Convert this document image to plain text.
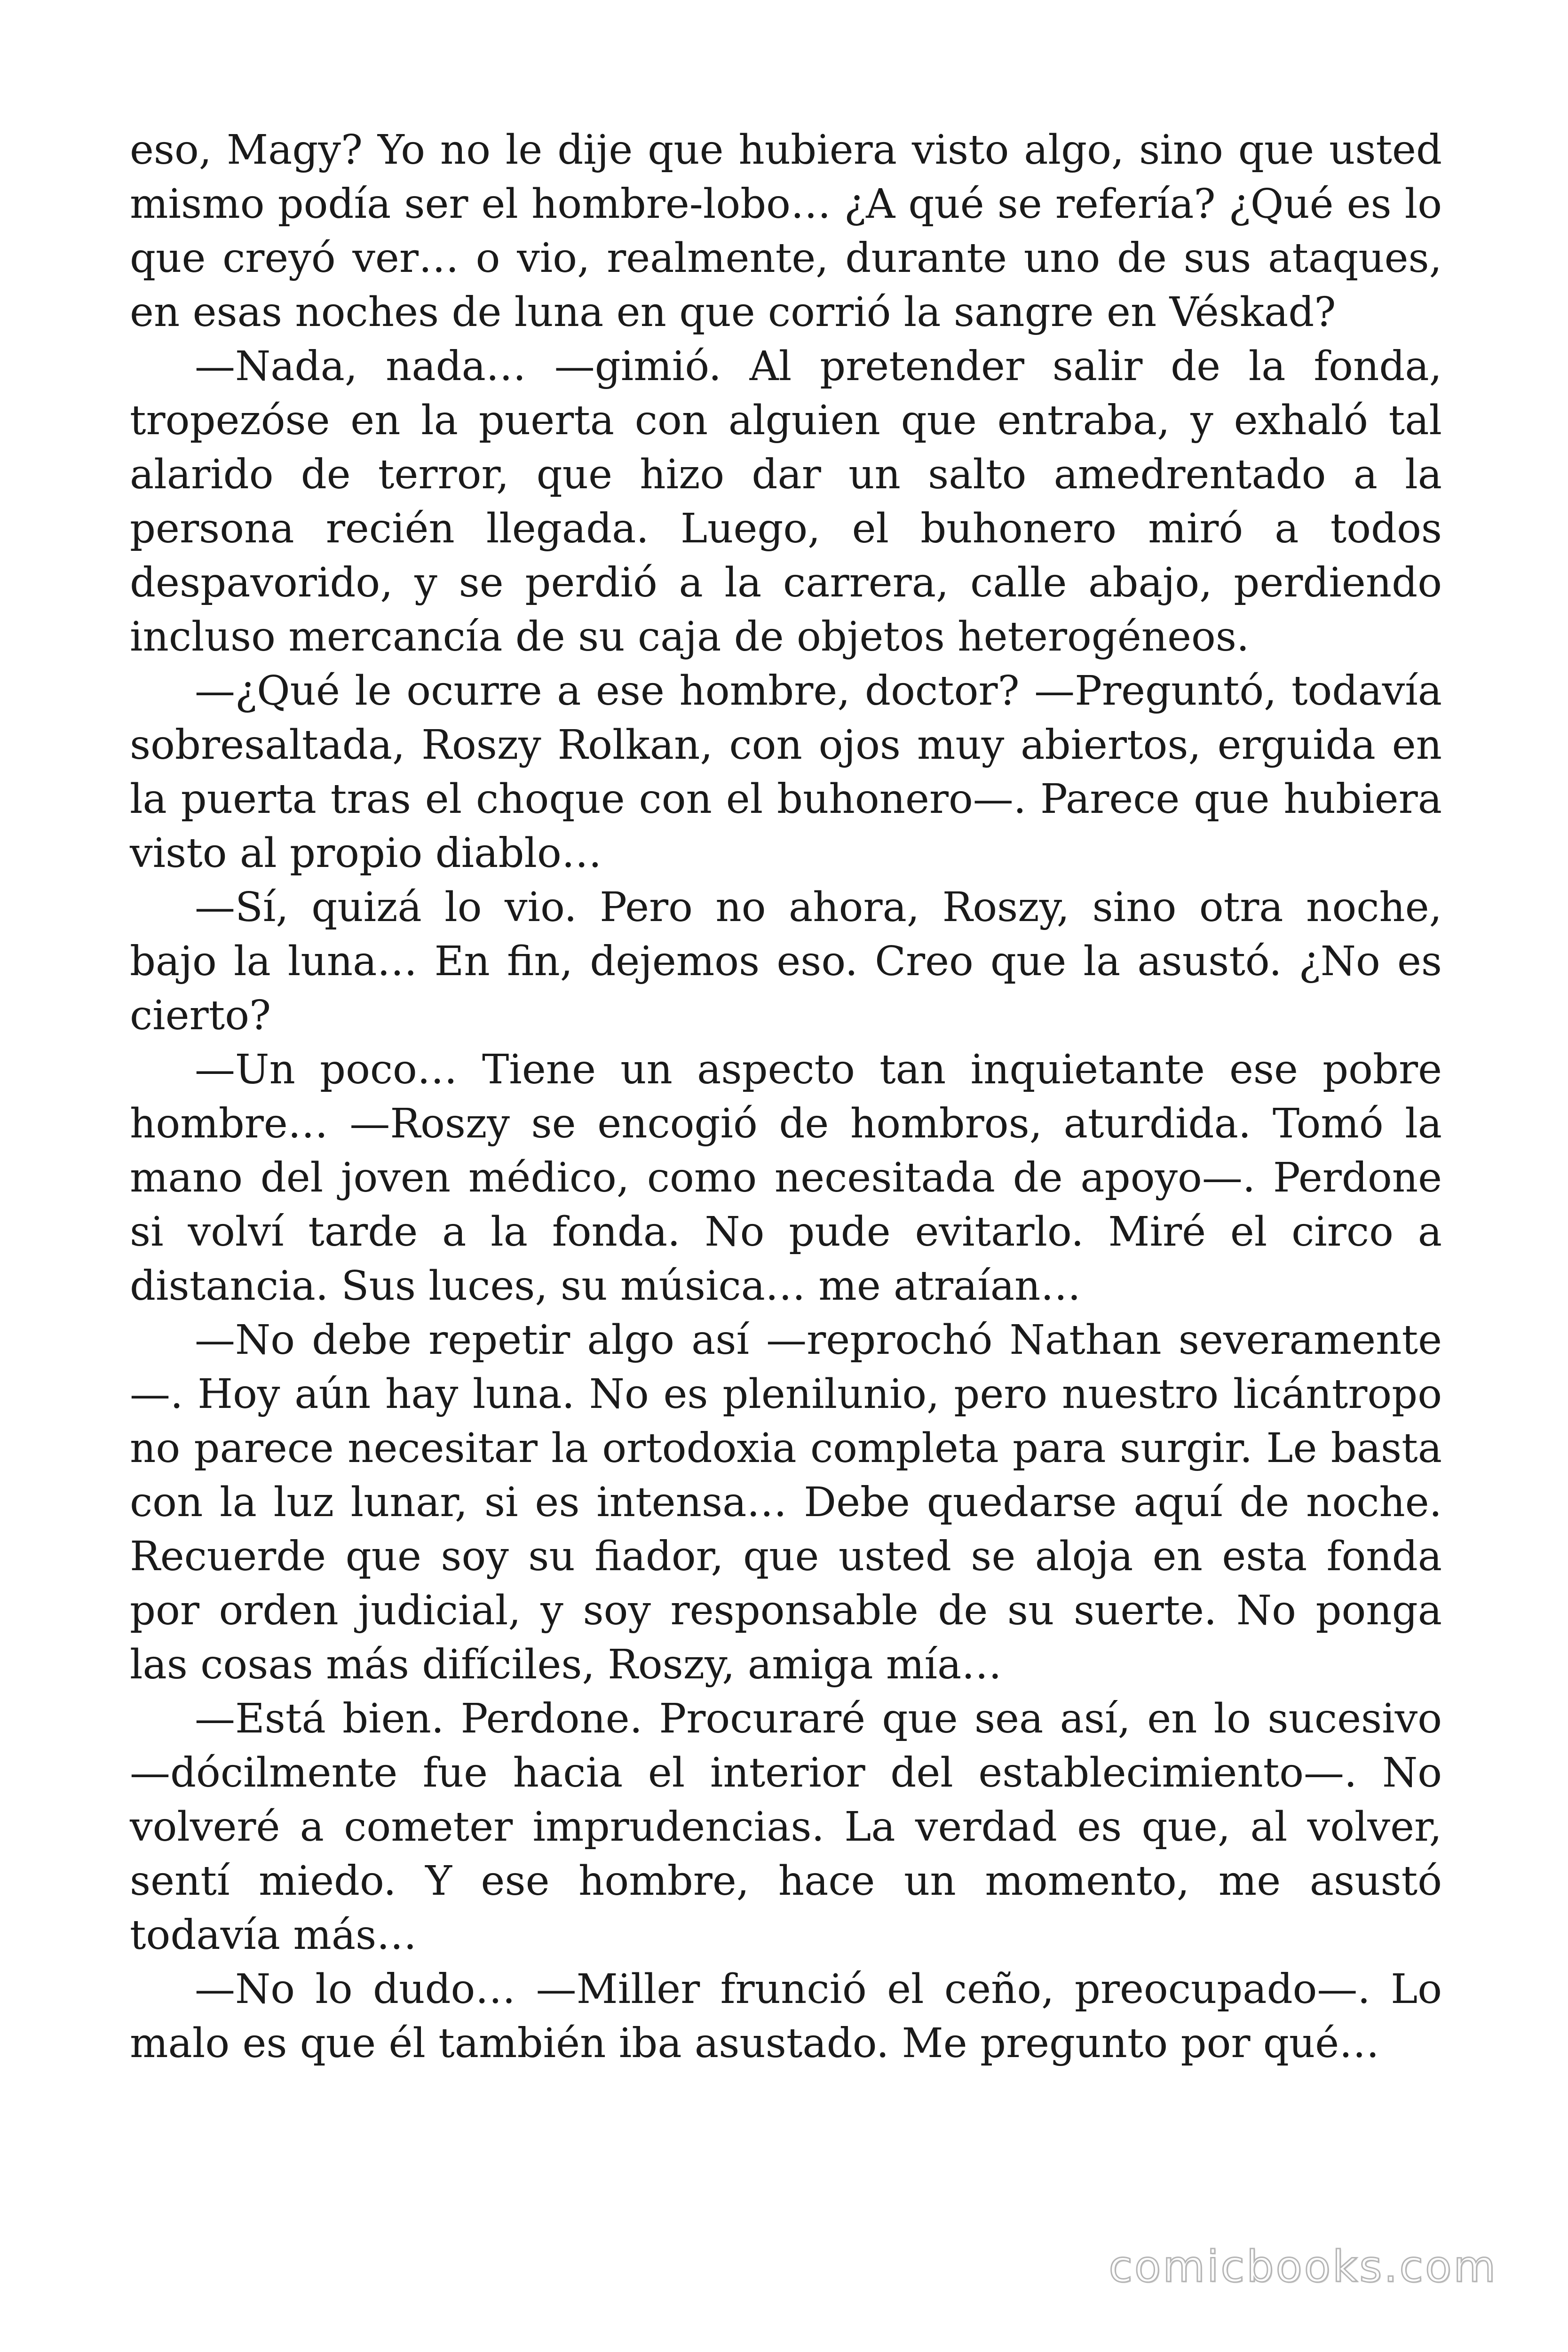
eso, Magy? Yo no le dije que hubiera visto algo, sino que usted mismo podía ser el hombre-lobo… ¿A qué se refería? ¿Qué es lo que creyó ver… o vio, realmente, durante uno de sus ataques, en esas noches de luna en que corrió la sangre en Véskad?

—Nada, nada… —gimió. Al pretender salir de la fonda, tropezóse en la puerta con alguien que entraba, y exhaló tal alarido de terror, que hizo dar un salto amedrentado a la persona recién llegada. Luego, el buhonero miró a todos despavorido, y se perdió a la carrera, calle abajo, perdiendo incluso mercancía de su caja de objetos heterogéneos.

—¿Qué le ocurre a ese hombre, doctor? —Preguntó, todavía sobresaltada, Roszy Rolkan, con ojos muy abiertos, erguida en la puerta tras el choque con el buhonero—. Parece que hubiera visto al propio diablo…

—Sí, quizá lo vio. Pero no ahora, Roszy, sino otra noche, bajo la luna… En fin, dejemos eso. Creo que la asustó. ¿No es cierto?

—Un poco… Tiene un aspecto tan inquietante ese pobre hombre… —Roszy se encogió de hombros, aturdida. Tomó la mano del joven médico, como necesitada de apoyo—. Perdone si volví tarde a la fonda. No pude evitarlo. Miré el circo a distancia. Sus luces, su música… me atraían…

—No debe repetir algo así —reprochó Nathan severamente—. Hoy aún hay luna. No es plenilunio, pero nuestro licántropo no parece necesitar la ortodoxia completa para surgir. Le basta con la luz lunar, si es intensa… Debe quedarse aquí de noche. Recuerde que soy su fiador, que usted se aloja en esta fonda por orden judicial, y soy responsable de su suerte. No ponga las cosas más difíciles, Roszy, amiga mía…

—Está bien. Perdone. Procuraré que sea así, en lo sucesivo —dócilmente fue hacia el interior del establecimiento—. No volveré a cometer imprudencias. La verdad es que, al volver, sentí miedo. Y ese hombre, hace un momento, me asustó todavía más…

—No lo dudo… —Miller frunció el ceño, preocupado—. Lo malo es que él también iba asustado. Me pregunto por qué…

comicbooks.com
